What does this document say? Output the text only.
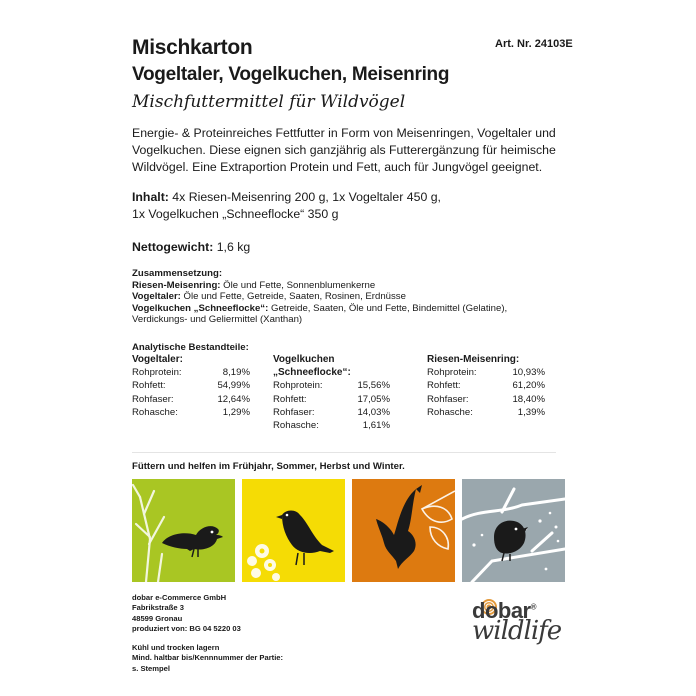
Mischkarton	Art. Nr. 24103E
Vogeltaler, Vogelkuchen, Meisenring
Mischfuttermittel für Wildvögel
Energie- & Proteinreiches Fettfutter in Form von Meisenringen, Vogeltaler und
Vogelkuchen. Diese eignen sich ganzjährig als Futterergänzung für heimische
Wildvögel. Eine Extraportion Protein und Fett, auch für Jungvögel geeignet.
Inhalt: 4x Riesen-Meisenring 200 g, 1x Vogeltaler 450 g,
1x Vogelkuchen „Schneeflocke“ 350 g
Nettogewicht: 1,6 kg
Zusammensetzung:
Riesen-Meisenring: Öle und Fette, Sonnenblumenkerne
Vogeltaler: Öle und Fette, Getreide, Saaten, Rosinen, Erdnüsse
Vogelkuchen „Schneeflocke“: Getreide, Saaten, Öle und Fette, Bindemittel (Gelatine),
Verdickungs- und Geliermittel (Xanthan)
Analytische Bestandteile:
Vogeltaler:
Rohprotein:	8,19%
Rohfett:	54,99%
Rohfaser:	12,64%
Rohasche:	1,29%
Vogelkuchen „Schneeflocke“:
Rohprotein:	15,56%
Rohfett:	17,05%
Rohfaser:	14,03%
Rohasche:	1,61%
Riesen-Meisenring:
Rohprotein:	10,93%
Rohfett:	61,20%
Rohfaser:	18,40%
Rohasche:	1,39%
Füttern und helfen im Frühjahr, Sommer, Herbst und Winter.
dobar e-Commerce GmbH
Fabrikstraße 3
48599 Gronau
produziert von: BG 04 5220 03
Kühl und trocken lagern
Mind. haltbar bis/Kennnummer der Partie:
s. Stempel
dobar®
wildlife
